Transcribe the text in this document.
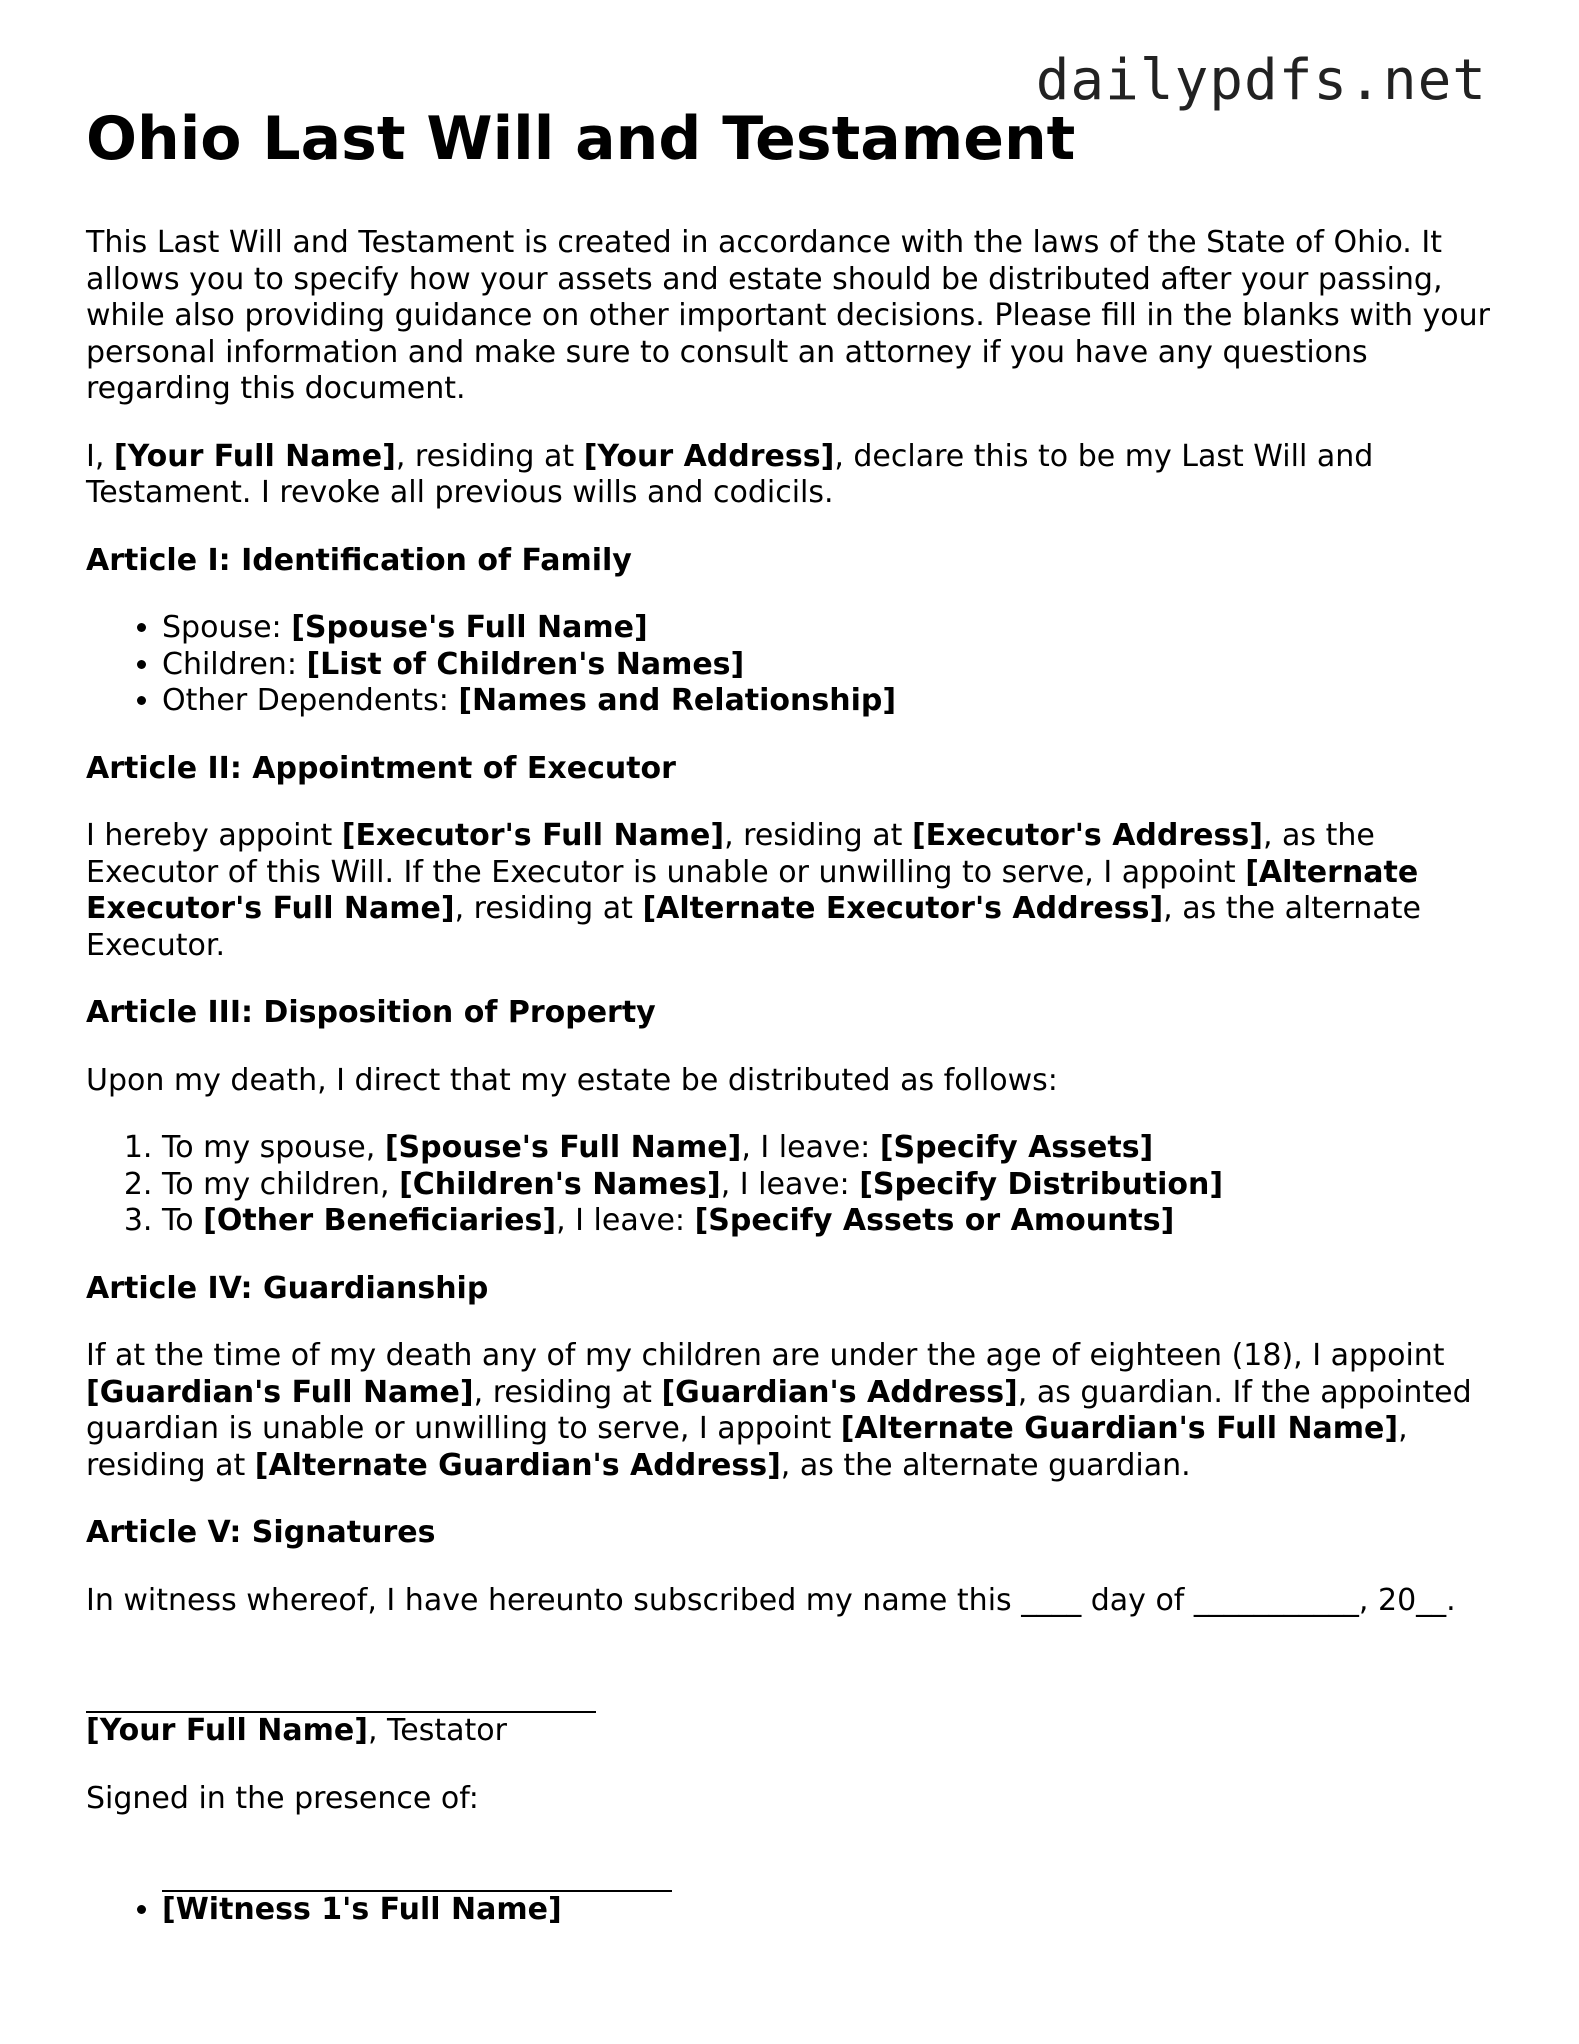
dailypdfs.net
Ohio Last Will and Testament

This Last Will and Testament is created in accordance with the laws of the State of Ohio. It allows you to specify how your assets and estate should be distributed after your passing, while also providing guidance on other important decisions. Please fill in the blanks with your personal information and make sure to consult an attorney if you have any questions regarding this document.

I, [Your Full Name], residing at [Your Address], declare this to be my Last Will and Testament. I revoke all previous wills and codicils.

Article I: Identification of Family

• Spouse: [Spouse's Full Name]
• Children: [List of Children's Names]
• Other Dependents: [Names and Relationship]

Article II: Appointment of Executor

I hereby appoint [Executor's Full Name], residing at [Executor's Address], as the Executor of this Will. If the Executor is unable or unwilling to serve, I appoint [Alternate Executor's Full Name], residing at [Alternate Executor's Address], as the alternate Executor.

Article III: Disposition of Property

Upon my death, I direct that my estate be distributed as follows:

1. To my spouse, [Spouse's Full Name], I leave: [Specify Assets]
2. To my children, [Children's Names], I leave: [Specify Distribution]
3. To [Other Beneficiaries], I leave: [Specify Assets or Amounts]

Article IV: Guardianship

If at the time of my death any of my children are under the age of eighteen (18), I appoint [Guardian's Full Name], residing at [Guardian's Address], as guardian. If the appointed guardian is unable or unwilling to serve, I appoint [Alternate Guardian's Full Name], residing at [Alternate Guardian's Address], as the alternate guardian.

Article V: Signatures

In witness whereof, I have hereunto subscribed my name this ____ day of ___________, 20__.

[Your Full Name], Testator

Signed in the presence of:

• [Witness 1's Full Name]
